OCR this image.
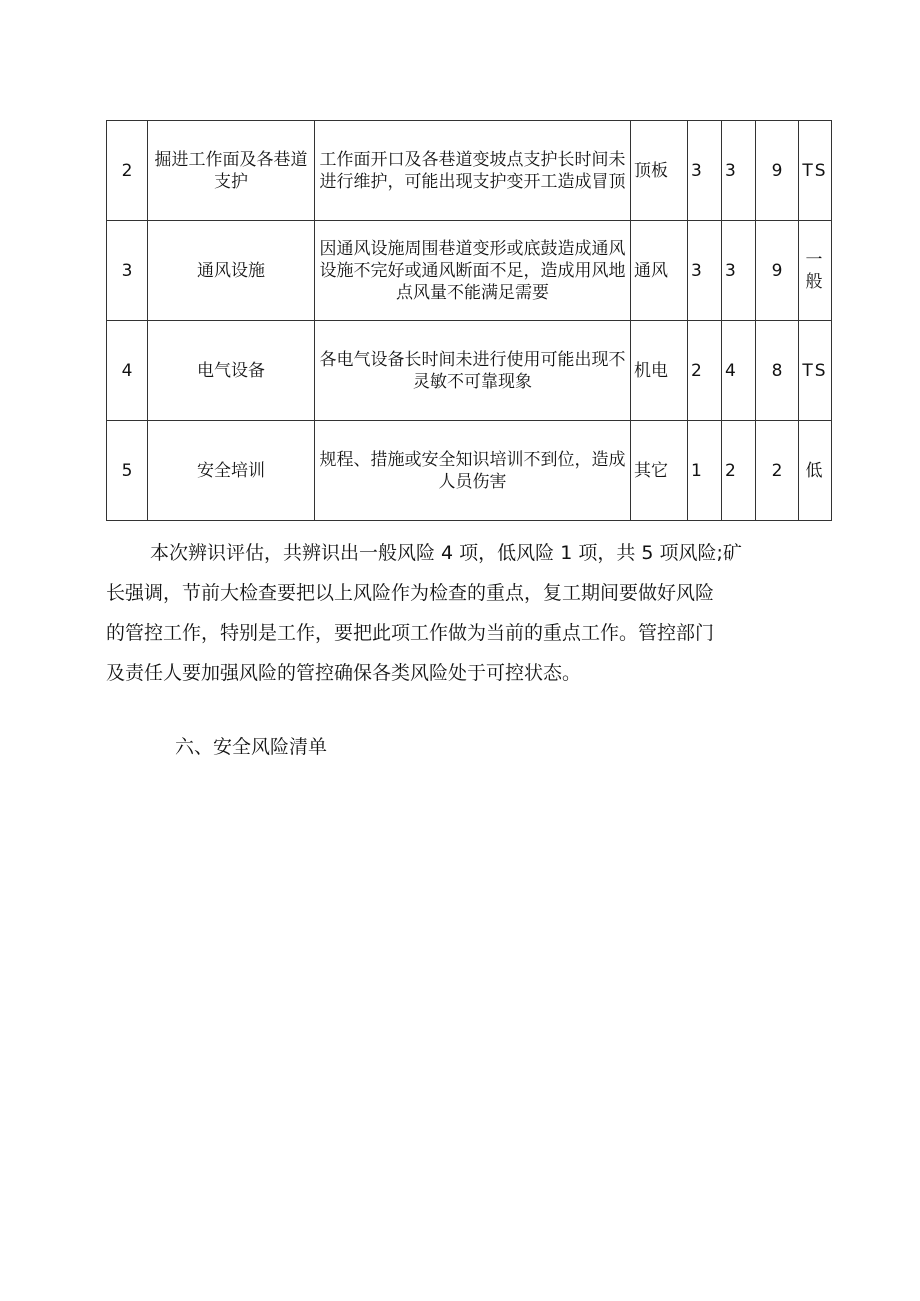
2	掘进工作面及各巷道支护	工作面开口及各巷道变坡点支护长时间未进行维护，可能出现支护变开工造成冒顶	顶板	3	3	9	TS
3	通风设施	因通风设施周围巷道变形或底鼓造成通风设施不完好或通风断面不足，造成用风地点风量不能满足需要	通风	3	3	9	一般
4	电气设备	各电气设备长时间未进行使用可能出现不灵敏不可靠现象	机电	2	4	8	TS
5	安全培训	规程、措施或安全知识培训不到位，造成人员伤害	其它	1	2	2	低
本次辨识评估，共辨识出一般风险 4 项，低风险 1 项，共 5 项风险;矿
长强调，节前大检查要把以上风险作为检查的重点，复工期间要做好风险
的管控工作，特别是工作，要把此项工作做为当前的重点工作。管控部门
及责任人要加强风险的管控确保各类风险处于可控状态。

六、安全风险清单
